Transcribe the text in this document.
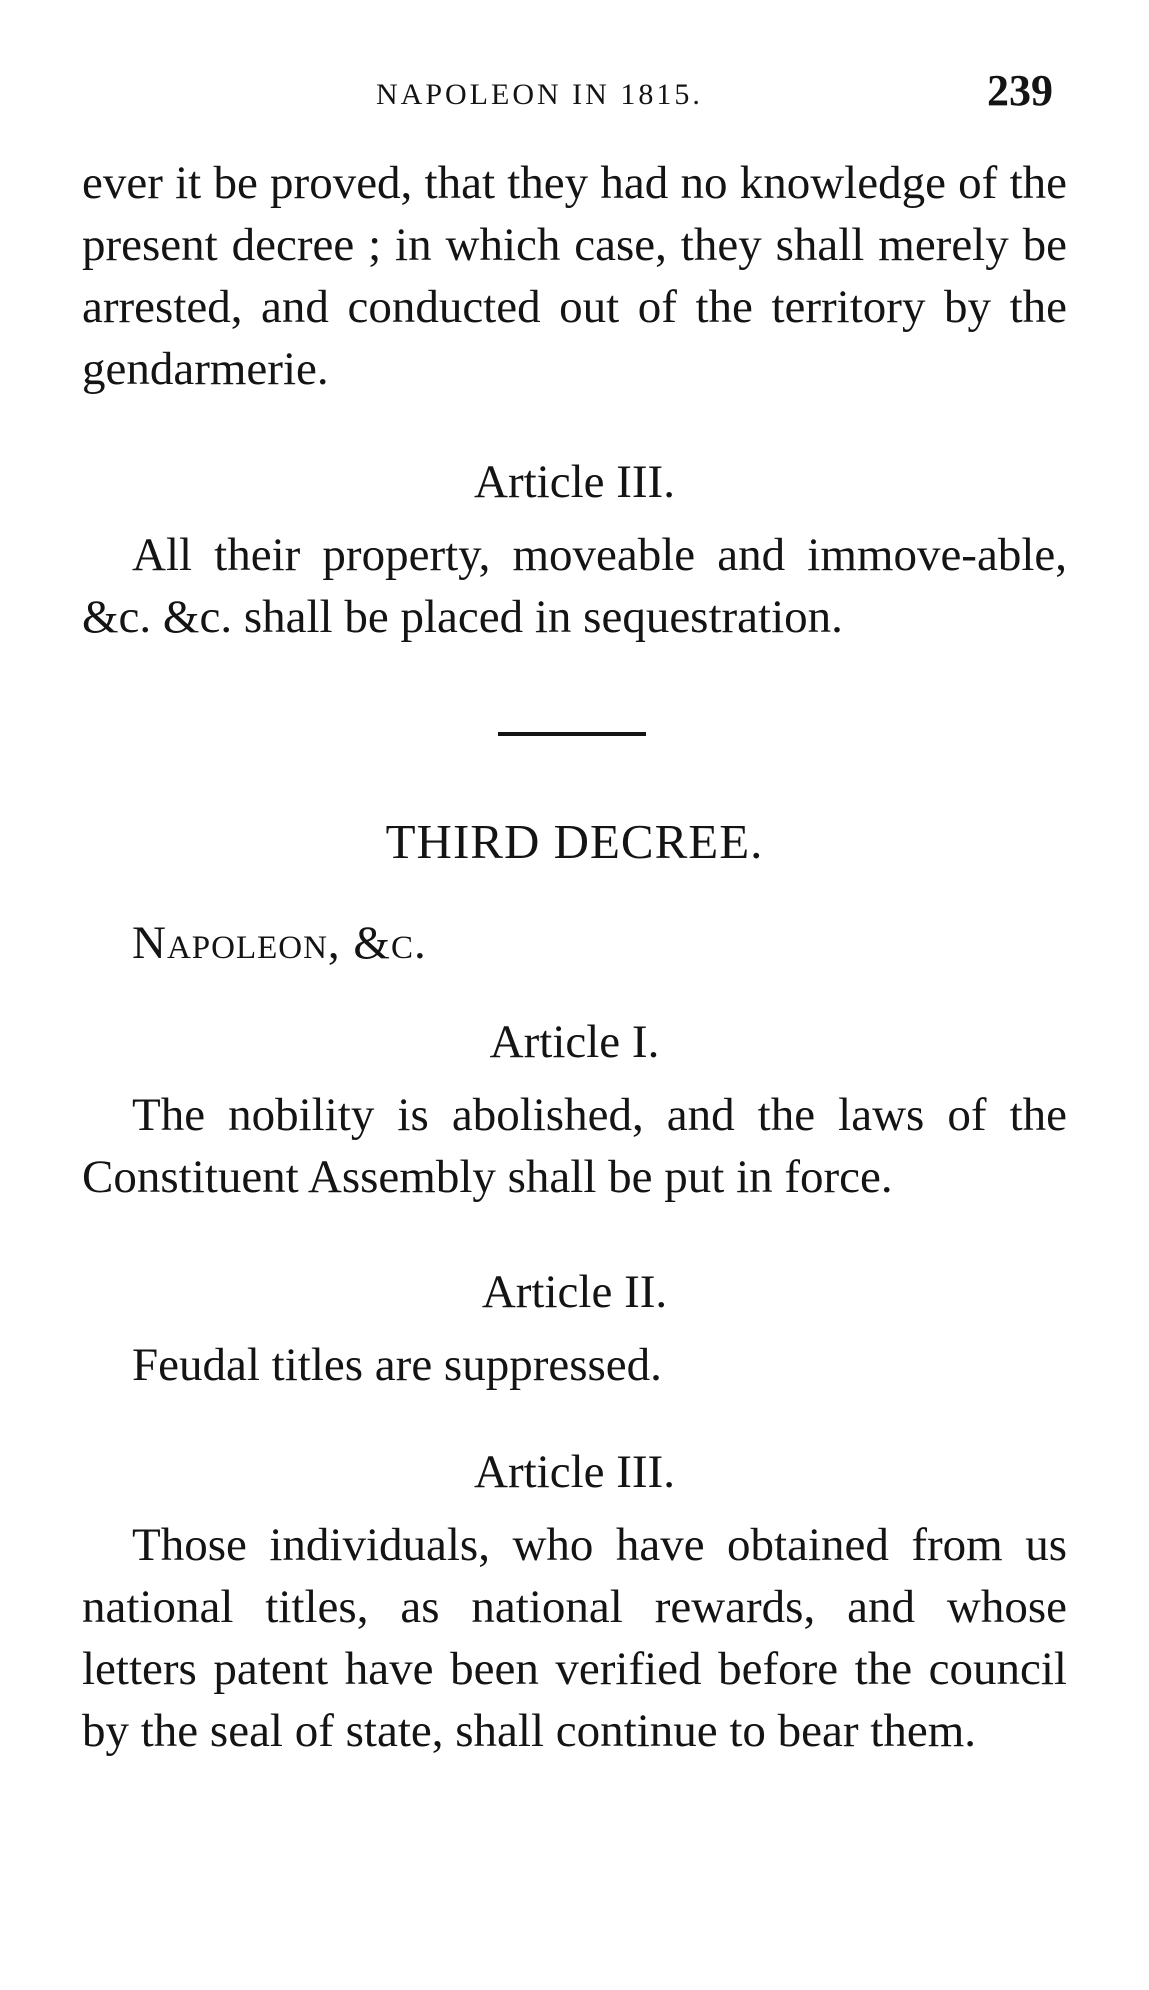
NAPOLEON IN 1815.	239

ever it be proved, that they had no knowledge of the present decree ; in which case, they shall merely be arrested, and conducted out of the territory by the gendarmerie.

Article III.

All their property, moveable and immove-able, &c. &c. shall be placed in sequestration.

THIRD DECREE.

Napoleon, &c.

Article I.

The nobility is abolished, and the laws of the Constituent Assembly shall be put in force.

Article II.

Feudal titles are suppressed.

Article III.

Those individuals, who have obtained from us national titles, as national rewards, and whose letters patent have been verified before the council by the seal of state, shall continue to bear them.
